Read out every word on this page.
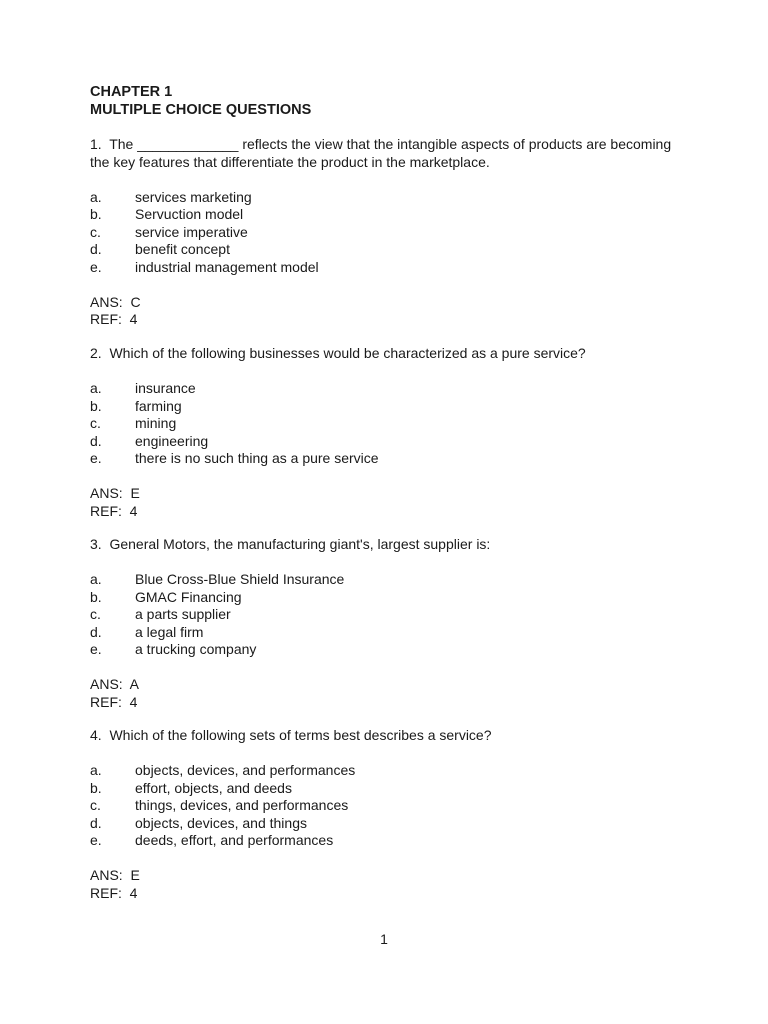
CHAPTER 1
MULTIPLE CHOICE QUESTIONS
1.  The _____________ reflects the view that the intangible aspects of products are becoming the key features that differentiate the product in the marketplace.
a.	services marketing
b.	Servuction model
c.	service imperative
d.	benefit concept
e.	industrial management model
ANS:  C
REF:  4
2.  Which of the following businesses would be characterized as a pure service?
a.	insurance
b.	farming
c.	mining
d.	engineering
e.	there is no such thing as a pure service
ANS:  E
REF:  4
3.  General Motors, the manufacturing giant's, largest supplier is:
a.	Blue Cross-Blue Shield Insurance
b.	GMAC Financing
c.	a parts supplier
d.	a legal firm
e.	a trucking company
ANS:  A
REF:  4
4.  Which of the following sets of terms best describes a service?
a.	objects, devices, and performances
b.	effort, objects, and deeds
c.	things, devices, and performances
d.	objects, devices, and things
e.	deeds, effort, and performances
ANS:  E
REF:  4
1
